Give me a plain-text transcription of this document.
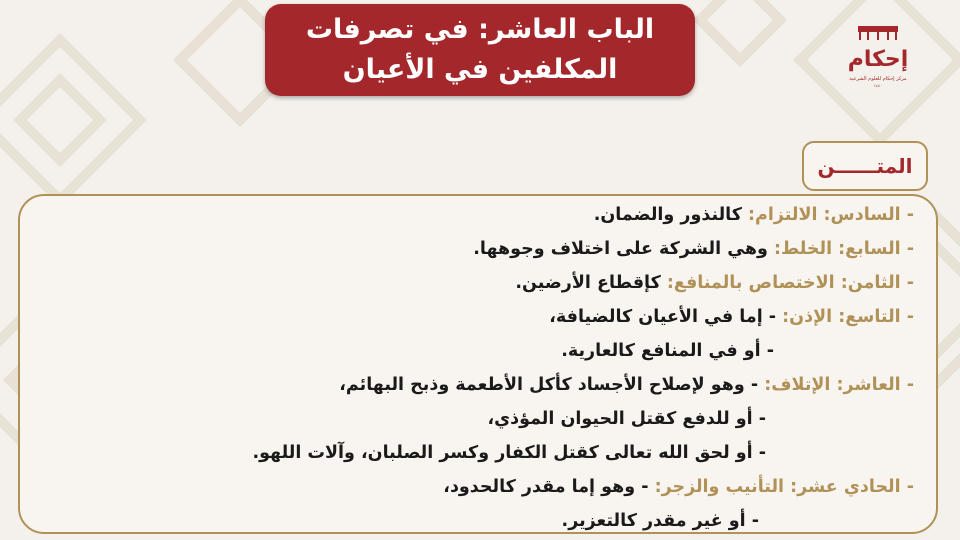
الباب العاشر: في تصرفات
المكلفين في الأعيان	إحكام
مركز إحكام للعلوم الشرعية
١٤٤٠
المتــــــن
- السادس: الالتزام: كالنذور والضمان.
- السابع: الخلط: وهي الشركة على اختلاف وجوهها.
- الثامن: الاختصاص بالمنافع: كإقطاع الأرضين.
- التاسع: الإذن: - إما في الأعيان كالضيافة،
- أو في المنافع كالعارية.
- العاشر: الإتلاف: - وهو لإصلاح الأجساد كأكل الأطعمة وذبح البهائم،
- أو للدفع كقتل الحيوان المؤذي،
- أو لحق الله تعالى كقتل الكفار وكسر الصلبان، وآلات اللهو.
- الحادي عشر: التأنيب والزجر: - وهو إما مقدر كالحدود،
- أو غير مقدر كالتعزير.
